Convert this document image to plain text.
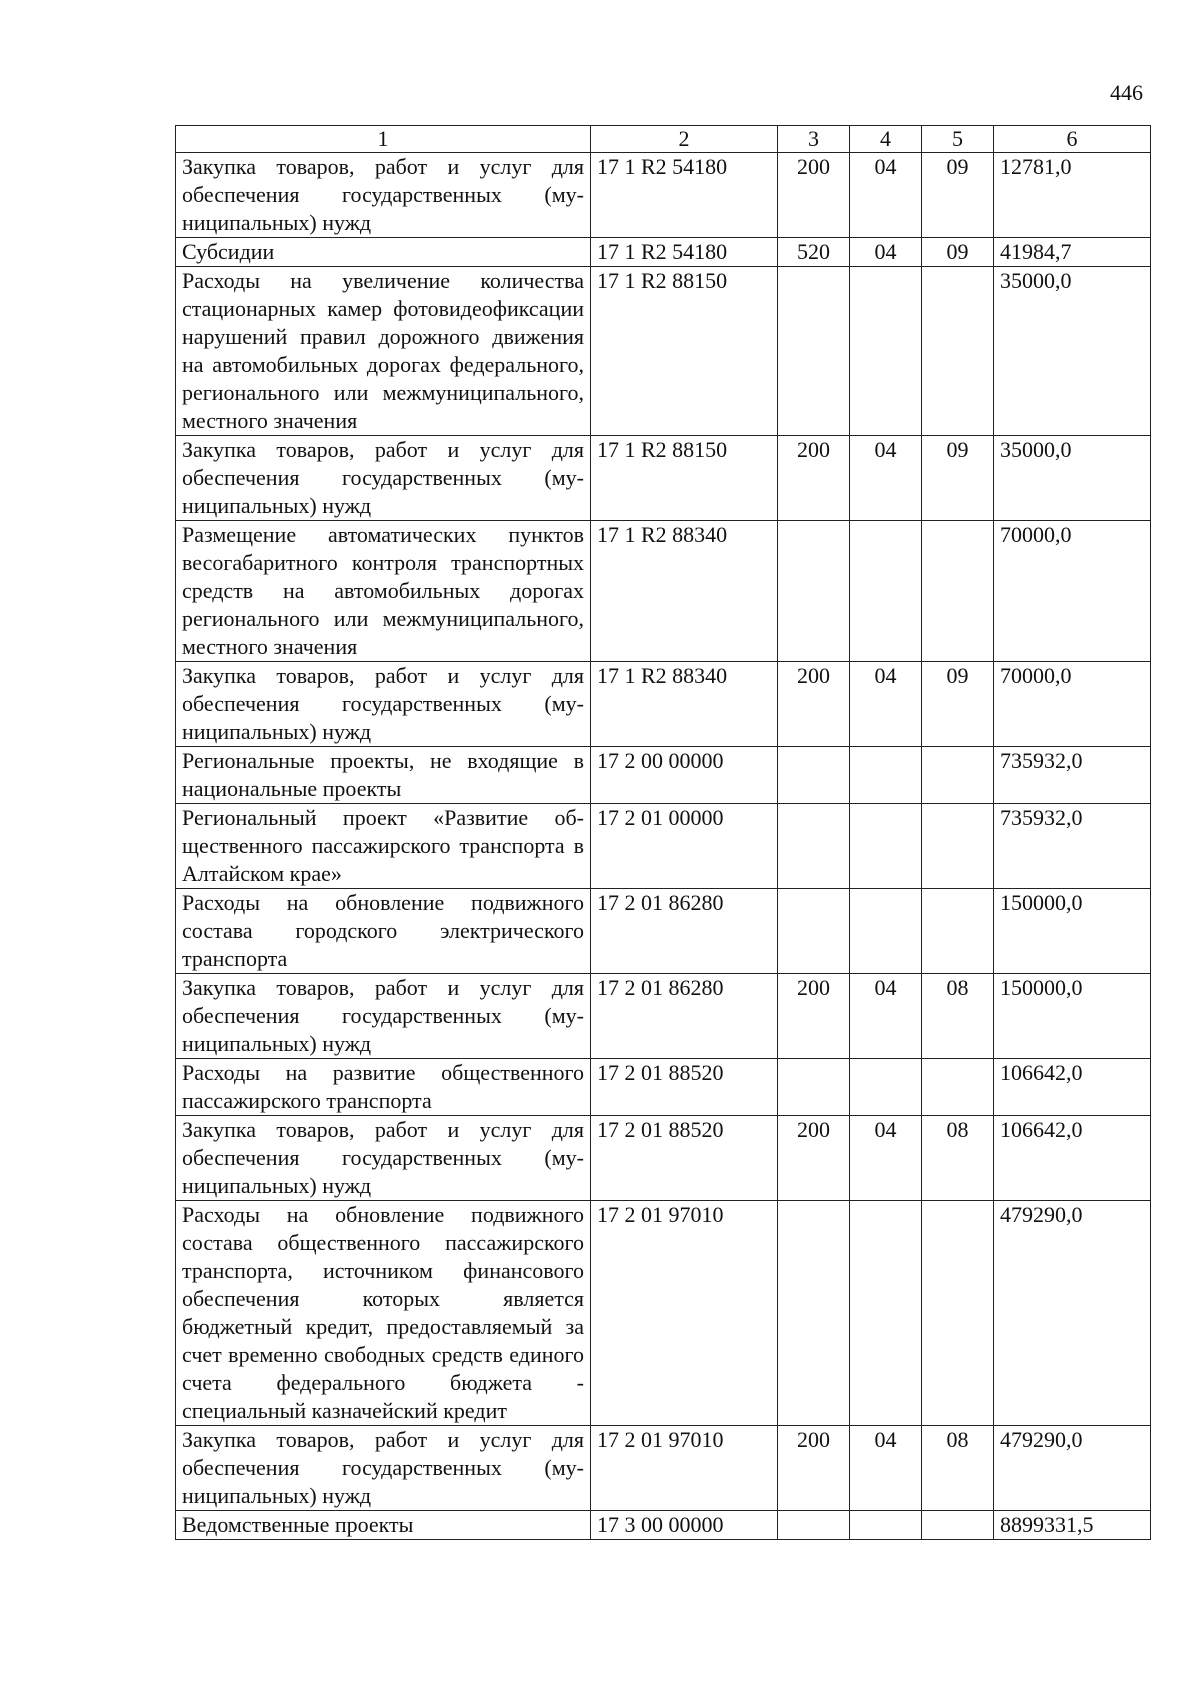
446
1	2	3	4	5	6
Закупка товаров, работ и услуг для обеспечения государственных (муниципальных) нужд	17 1 R2 54180	200	04	09	12781,0
Субсидии	17 1 R2 54180	520	04	09	41984,7
Расходы на увеличение количества стационарных камер фотовидеофиксации нарушений правил дорожного движения на автомобильных дорогах федерального, регионального или межмуниципального, местного значения	17 1 R2 88150				35000,0
Закупка товаров, работ и услуг для обеспечения государственных (муниципальных) нужд	17 1 R2 88150	200	04	09	35000,0
Размещение автоматических пунктов весогабаритного контроля транспортных средств на автомобильных дорогах регионального или межмуниципального, местного значения	17 1 R2 88340				70000,0
Закупка товаров, работ и услуг для обеспечения государственных (муниципальных) нужд	17 1 R2 88340	200	04	09	70000,0
Региональные проекты, не входящие в национальные проекты	17 2 00 00000				735932,0
Региональный проект «Развитие общественного пассажирского транспорта в Алтайском крае»	17 2 01 00000				735932,0
Расходы на обновление подвижного состава городского электрического транспорта	17 2 01 86280				150000,0
Закупка товаров, работ и услуг для обеспечения государственных (муниципальных) нужд	17 2 01 86280	200	04	08	150000,0
Расходы на развитие общественного пассажирского транспорта	17 2 01 88520				106642,0
Закупка товаров, работ и услуг для обеспечения государственных (муниципальных) нужд	17 2 01 88520	200	04	08	106642,0
Расходы на обновление подвижного состава общественного пассажирского транспорта, источником финансового обеспечения которых является бюджетный кредит, предоставляемый за счет временно свободных средств единого счета федерального бюджета - специальный казначейский кредит	17 2 01 97010				479290,0
Закупка товаров, работ и услуг для обеспечения государственных (муниципальных) нужд	17 2 01 97010	200	04	08	479290,0
Ведомственные проекты	17 3 00 00000				8899331,5
